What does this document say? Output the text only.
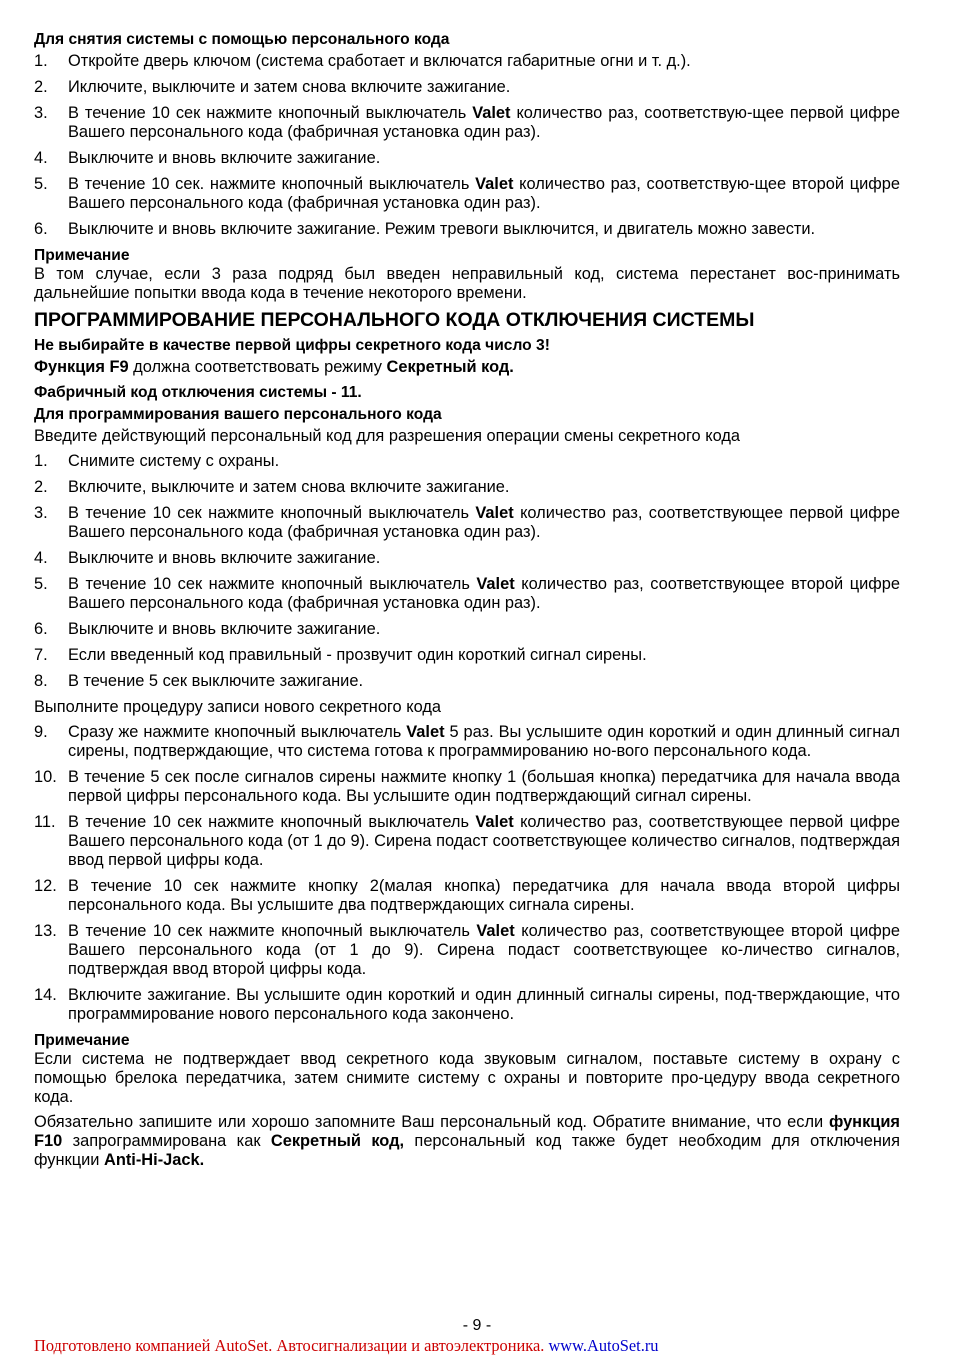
Для снятия системы с помощью персонального кода
1.	Откройте дверь ключом (система сработает и включатся габаритные огни и т. д.).
2.	Иключите, выключите и затем снова включите зажигание.
3.	В течение 10 сек нажмите кнопочный выключатель Valet количество раз, соответствую-щее первой цифре Вашего персонального кода (фабричная установка один раз).
4.	Выключите и вновь включите зажигание.
5.	В течение 10 сек. нажмите кнопочный выключатель Valet количество раз, соответствую-щее второй цифре Вашего персонального кода (фабричная установка один раз).
6.	Выключите и вновь включите зажигание. Режим тревоги выключится, и двигатель можно завести.
Примечание
В том случае, если 3 раза подряд был введен неправильный код, система перестанет вос-принимать дальнейшие попытки ввода кода в течение некоторого времени.
ПРОГРАММИРОВАНИЕ ПЕРСОНАЛЬНОГО КОДА ОТКЛЮЧЕНИЯ СИСТЕМЫ
Не выбирайте в качестве первой цифры секретного кода число 3!
Функция F9 должна соответствовать режиму Секретный код.
Фабричный код отключения системы - 11.
Для программирования вашего персонального кода
Введите действующий персональный код для разрешения операции смены секретного кода
1.	Снимите систему с охраны.
2.	Включите, выключите и затем снова включите зажигание.
3.	В течение 10 сек нажмите кнопочный выключатель Valet количество раз, соответствующее первой цифре Вашего персонального кода (фабричная установка один раз).
4.	Выключите и вновь включите зажигание.
5.	В течение 10 сек нажмите кнопочный выключатель Valet количество раз, соответствующее второй цифре Вашего персонального кода (фабричная установка один раз).
6.	Выключите и вновь включите зажигание.
7.	Если введенный код правильный - прозвучит один короткий сигнал сирены.
8.	В течение 5 сек выключите зажигание.
Выполните процедуру записи нового секретного кода
9.	Сразу же нажмите кнопочный выключатель Valet 5 раз. Вы услышите один короткий и один длинный сигнал сирены, подтверждающие, что система готова к программированию но-вого персонального кода.
10. В течение 5 сек после сигналов сирены нажмите кнопку 1 (большая кнопка) передатчика для начала ввода первой цифры персонального кода. Вы услышите один подтверждающий сигнал сирены.
11. В течение 10 сек нажмите кнопочный выключатель Valet количество раз, соответствующее первой цифре Вашего персонального кода (от 1 до 9). Сирена подаст соответствующее количество сигналов, подтверждая ввод первой цифры кода.
12. В течение 10 сек нажмите кнопку 2(малая кнопка) передатчика для начала ввода второй цифры персонального кода. Вы услышите два подтверждающих сигнала сирены.
13. В течение 10 сек нажмите кнопочный выключатель Valet количество раз, соответствующее второй цифре Вашего персонального кода (от 1 до 9). Сирена подаст соответствующее ко-личество сигналов, подтверждая ввод второй цифры кода.
14. Включите зажигание. Вы услышите один короткий и один длинный сигналы сирены, под-тверждающие, что программирование нового персонального кода закончено.
Примечание
Если система не подтверждает ввод секретного кода звуковым сигналом, поставьте систему в охрану с помощью брелока передатчика, затем снимите систему с охраны и повторите про-цедуру ввода секретного кода.
Обязательно запишите или хорошо запомните Ваш персональный код. Обратите внимание, что если функция F10 запрограммирована как Секретный код, персональный код также будет необходим для отключения функции Anti-Hi-Jack.
- 9 -
Подготовлено компанией AutoSet. Автосигнализации и автоэлектроника. www.AutoSet.ru
